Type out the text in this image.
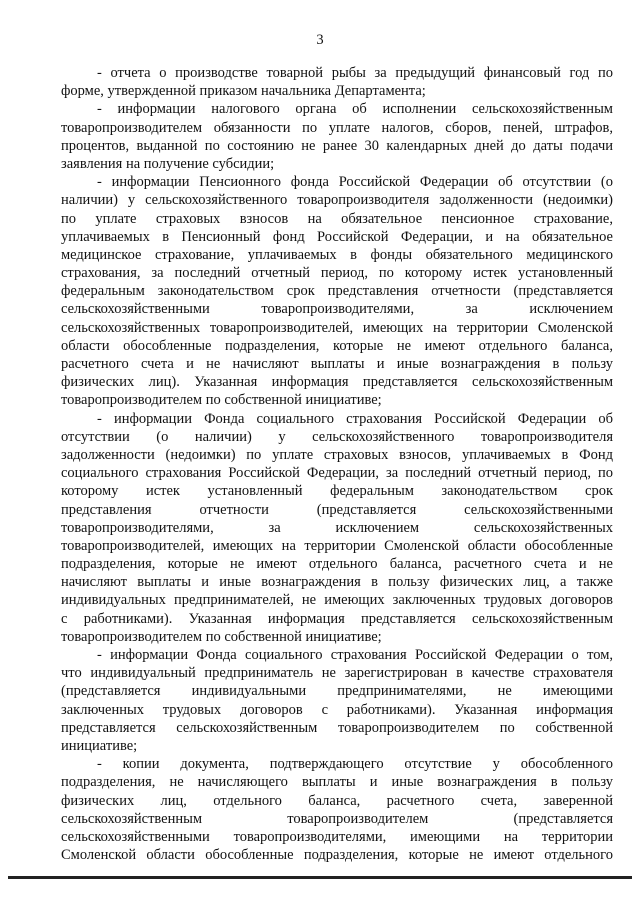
3
- отчета о производстве товарной рыбы за предыдущий финансовый год по
форме, утвержденной приказом начальника Департамента;
- информации налогового органа об исполнении сельскохозяйственным
товаропроизводителем обязанности по уплате налогов, сборов, пеней, штрафов,
процентов, выданной по состоянию не ранее 30 календарных дней до даты подачи
заявления на получение субсидии;
- информации Пенсионного фонда Российской Федерации об отсутствии (о
наличии) у сельскохозяйственного товаропроизводителя задолженности (недоимки)
по уплате страховых взносов на обязательное пенсионное страхование,
уплачиваемых в Пенсионный фонд Российской Федерации, и на обязательное
медицинское страхование, уплачиваемых в фонды обязательного медицинского
страхования, за последний отчетный период, по которому истек установленный
федеральным законодательством срок представления отчетности (представляется
сельскохозяйственными товаропроизводителями, за исключением
сельскохозяйственных товаропроизводителей, имеющих на территории Смоленской
области обособленные подразделения, которые не имеют отдельного баланса,
расчетного счета и не начисляют выплаты и иные вознаграждения в пользу
физических лиц). Указанная информация представляется сельскохозяйственным
товаропроизводителем по собственной инициативе;
- информации Фонда социального страхования Российской Федерации об
отсутствии (о наличии) у сельскохозяйственного товаропроизводителя
задолженности (недоимки) по уплате страховых взносов, уплачиваемых в Фонд
социального страхования Российской Федерации, за последний отчетный период, по
которому истек установленный федеральным законодательством срок
представления отчетности (представляется сельскохозяйственными
товаропроизводителями, за исключением сельскохозяйственных
товаропроизводителей, имеющих на территории Смоленской области обособленные
подразделения, которые не имеют отдельного баланса, расчетного счета и не
начисляют выплаты и иные вознаграждения в пользу физических лиц, а также
индивидуальных предпринимателей, не имеющих заключенных трудовых договоров
с работниками). Указанная информация представляется сельскохозяйственным
товаропроизводителем по собственной инициативе;
- информации Фонда социального страхования Российской Федерации о том,
что индивидуальный предприниматель не зарегистрирован в качестве страхователя
(представляется индивидуальными предпринимателями, не имеющими
заключенных трудовых договоров с работниками). Указанная информация
представляется сельскохозяйственным товаропроизводителем по собственной
инициативе;
- копии документа, подтверждающего отсутствие у обособленного
подразделения, не начисляющего выплаты и иные вознаграждения в пользу
физических лиц, отдельного баланса, расчетного счета, заверенной
сельскохозяйственным товаропроизводителем (представляется
сельскохозяйственными товаропроизводителями, имеющими на территории
Смоленской области обособленные подразделения, которые не имеют отдельного
